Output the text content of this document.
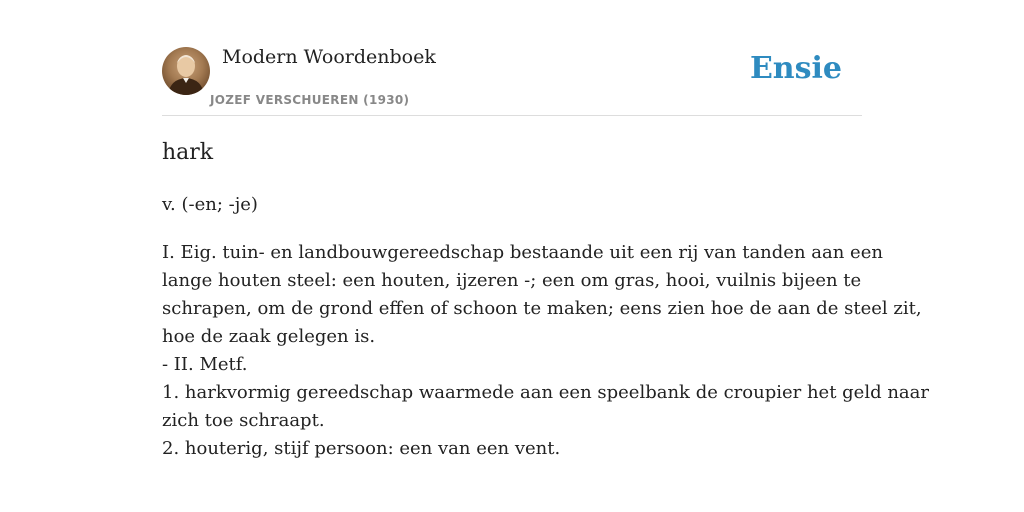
Modern Woordenboek
JOZEF VERSCHUEREN (1930)
Ensie
hark
v. (-en; -je)
I. Eig. tuin- en landbouwgereedschap bestaande uit een rij van tanden aan een
lange houten steel: een houten, ijzeren -; een om gras, hooi, vuilnis bijeen te
schrapen, om de grond effen of schoon te maken; eens zien hoe de aan de steel zit,
hoe de zaak gelegen is.
- II. Metf.
1. harkvormig gereedschap waarmede aan een speelbank de croupier het geld naar
zich toe schraapt.
2. houterig, stijf persoon: een van een vent.
